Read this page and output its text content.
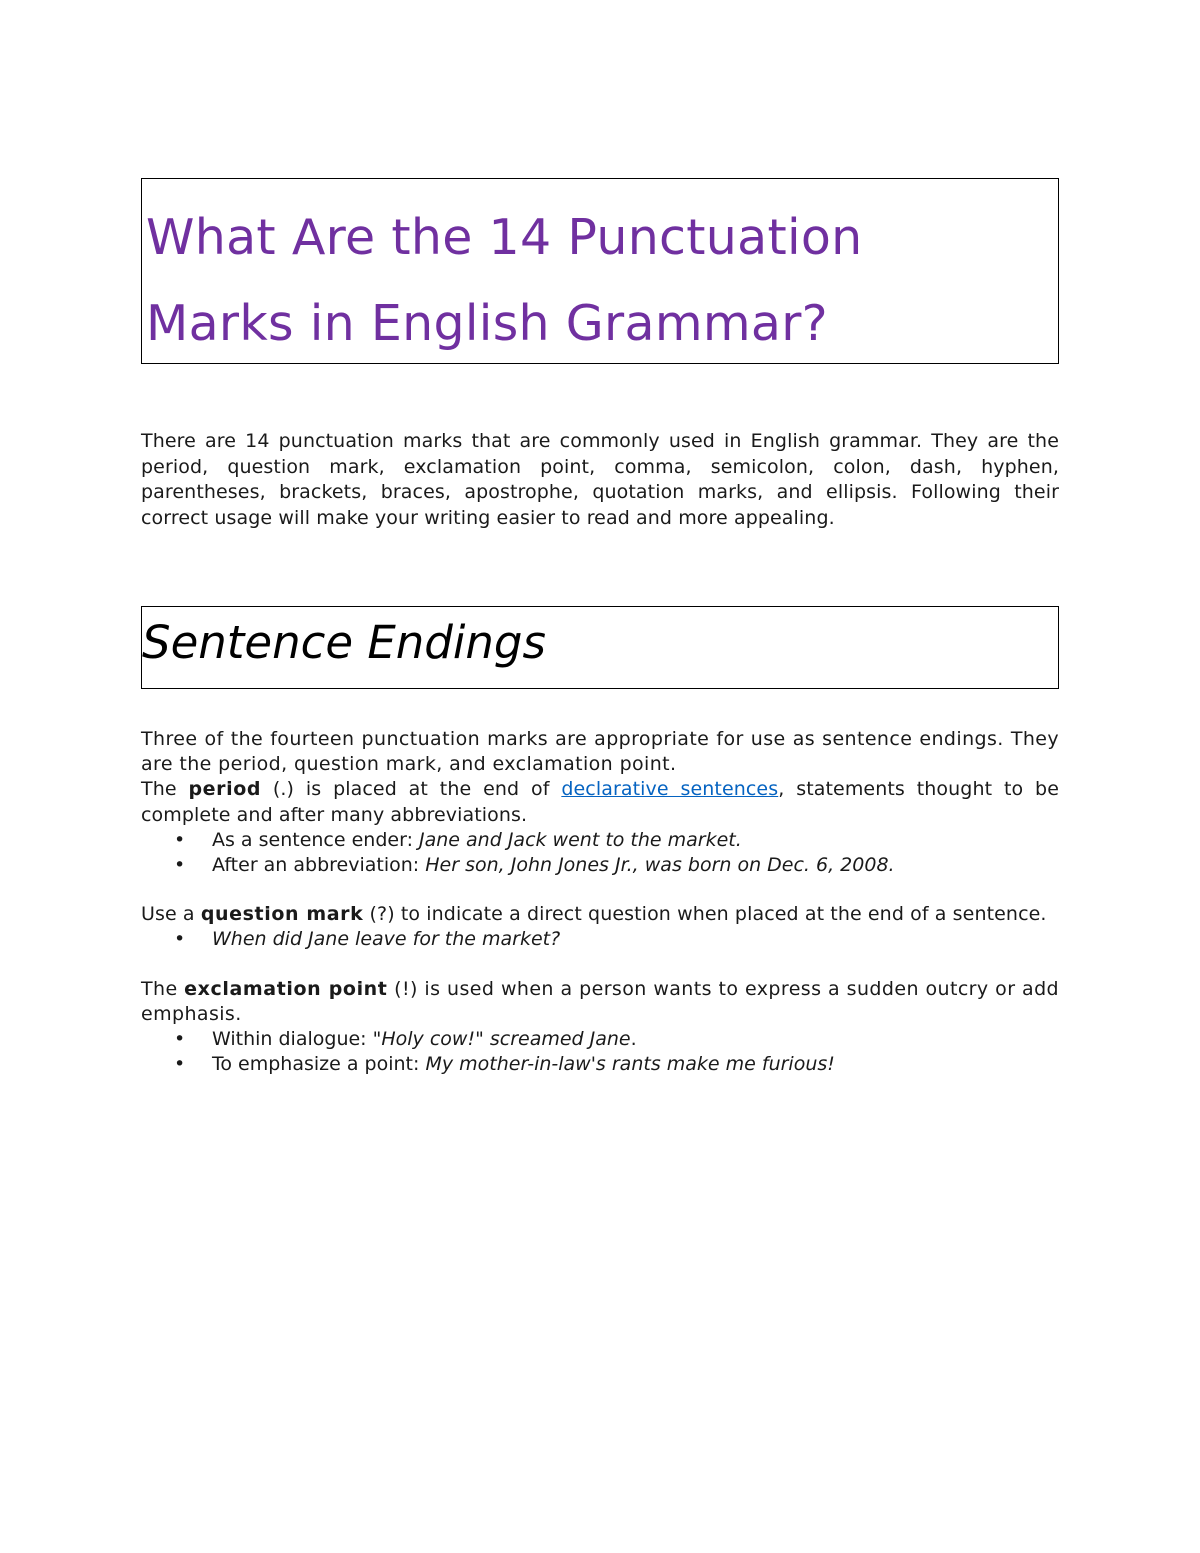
What Are the 14 Punctuation
Marks in English Grammar?

There are 14 punctuation marks that are commonly used in English grammar. They are the period, question mark, exclamation point, comma, semicolon, colon, dash, hyphen, parentheses, brackets, braces, apostrophe, quotation marks, and ellipsis. Following their correct usage will make your writing easier to read and more appealing.

Sentence Endings

Three of the fourteen punctuation marks are appropriate for use as sentence endings. They are the period, question mark, and exclamation point.

The period (.) is placed at the end of declarative sentences, statements thought to be complete and after many abbreviations.

• As a sentence ender: Jane and Jack went to the market.
• After an abbreviation: Her son, John Jones Jr., was born on Dec. 6, 2008.

Use a question mark (?) to indicate a direct question when placed at the end of a sentence.

• When did Jane leave for the market?

The exclamation point (!) is used when a person wants to express a sudden outcry or add emphasis.

• Within dialogue: "Holy cow!" screamed Jane.
• To emphasize a point: My mother-in-law's rants make me furious!
